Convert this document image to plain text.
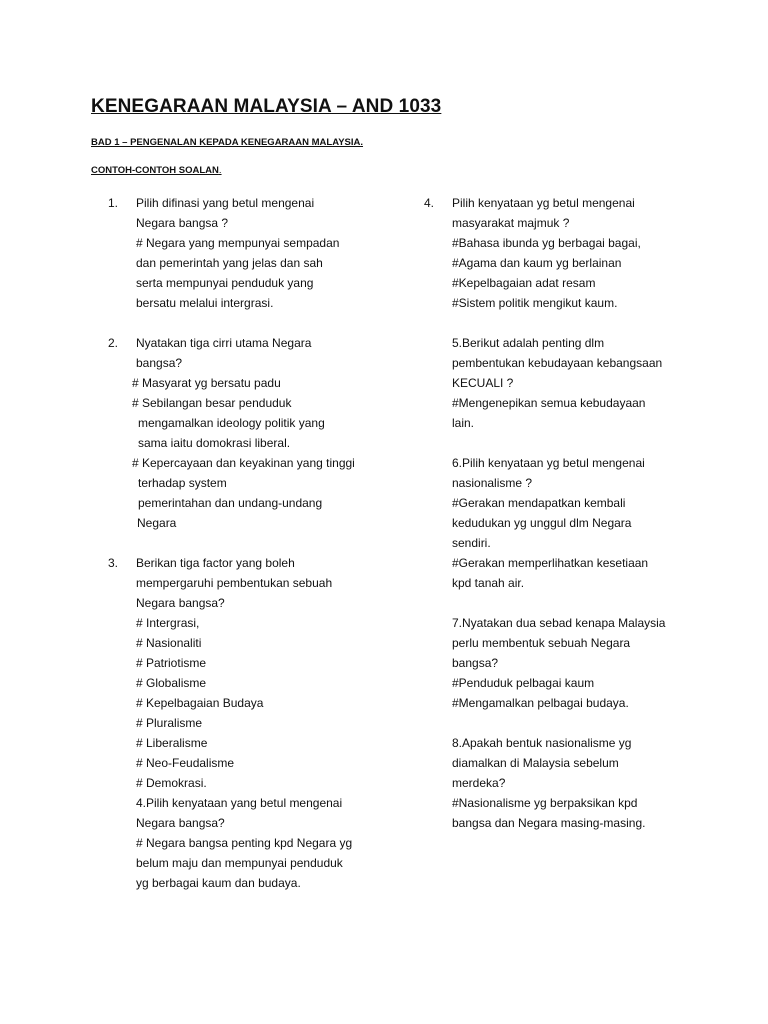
KENEGARAAN MALAYSIA – AND 1033
BAD 1 – PENGENALAN KEPADA KENEGARAAN MALAYSIA.
CONTOH-CONTOH SOALAN.
1. Pilih difinasi yang betul mengenai
Negara bangsa ?
# Negara yang mempunyai sempadan
dan pemerintah yang jelas dan sah
serta mempunyai penduduk yang
bersatu melalui intergrasi.
2. Nyatakan tiga cirri utama Negara
bangsa?
# Masyarat yg bersatu padu
# Sebilangan besar penduduk
mengamalkan ideology politik yang
sama iaitu domokrasi liberal.
# Kepercayaan dan keyakinan yang tinggi
terhadap system
pemerintahan dan undang-undang
Negara
3. Berikan tiga factor yang boleh
mempergaruhi pembentukan sebuah
Negara bangsa?
# Intergrasi,
# Nasionaliti
# Patriotisme
# Globalisme
# Kepelbagaian Budaya
# Pluralisme
# Liberalisme
# Neo-Feudalisme
# Demokrasi.
4.Pilih kenyataan yang betul mengenai
Negara bangsa?
# Negara bangsa penting kpd Negara yg
belum maju dan mempunyai penduduk
yg berbagai kaum dan budaya.
4. Pilih kenyataan yg betul mengenai
masyarakat majmuk ?
#Bahasa ibunda yg berbagai bagai,
#Agama dan kaum yg berlainan
#Kepelbagaian adat resam
#Sistem politik mengikut kaum.
5.Berikut adalah penting dlm
pembentukan kebudayaan kebangsaan
KECUALI ?
#Mengenepikan semua kebudayaan
lain.
6.Pilih kenyataan yg betul mengenai
nasionalisme ?
#Gerakan mendapatkan kembali
kedudukan yg unggul dlm Negara
sendiri.
#Gerakan memperlihatkan kesetiaan
kpd tanah air.
7.Nyatakan dua sebad kenapa Malaysia
perlu membentuk sebuah Negara
bangsa?
#Penduduk pelbagai kaum
#Mengamalkan pelbagai budaya.
8.Apakah bentuk nasionalisme yg
diamalkan di Malaysia sebelum
merdeka?
#Nasionalisme yg berpaksikan kpd
bangsa dan Negara masing-masing.
